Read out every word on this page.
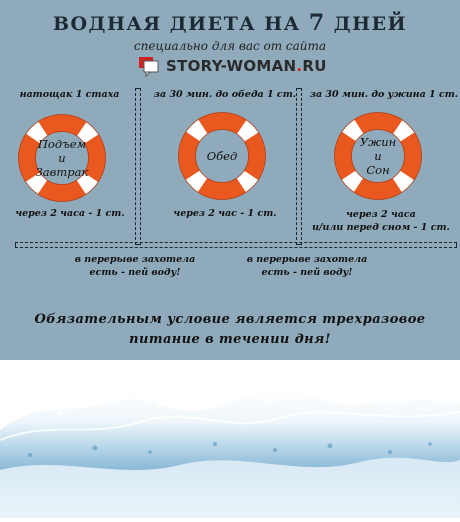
ВОДНАЯ ДИЕТА НА 7 ДНЕЙ
специально для вас от сайта
STORY-WOMAN.RU
натощак 1 стаха	за 30 мин. до обеда 1 ст.	за 30 мин. до ужина 1 ст.
Подъем
и
Завтрак
Обед
Ужин
и
Сон
через 2 часа - 1 ст.	через 2 час - 1 ст.	через 2 часа
и/или перед сном - 1 ст.
в перерыве захотела
есть - пей воду!
в перерыве захотела
есть - пей воду!
Обязательным условие является трехразовое
питание в течении дня!
